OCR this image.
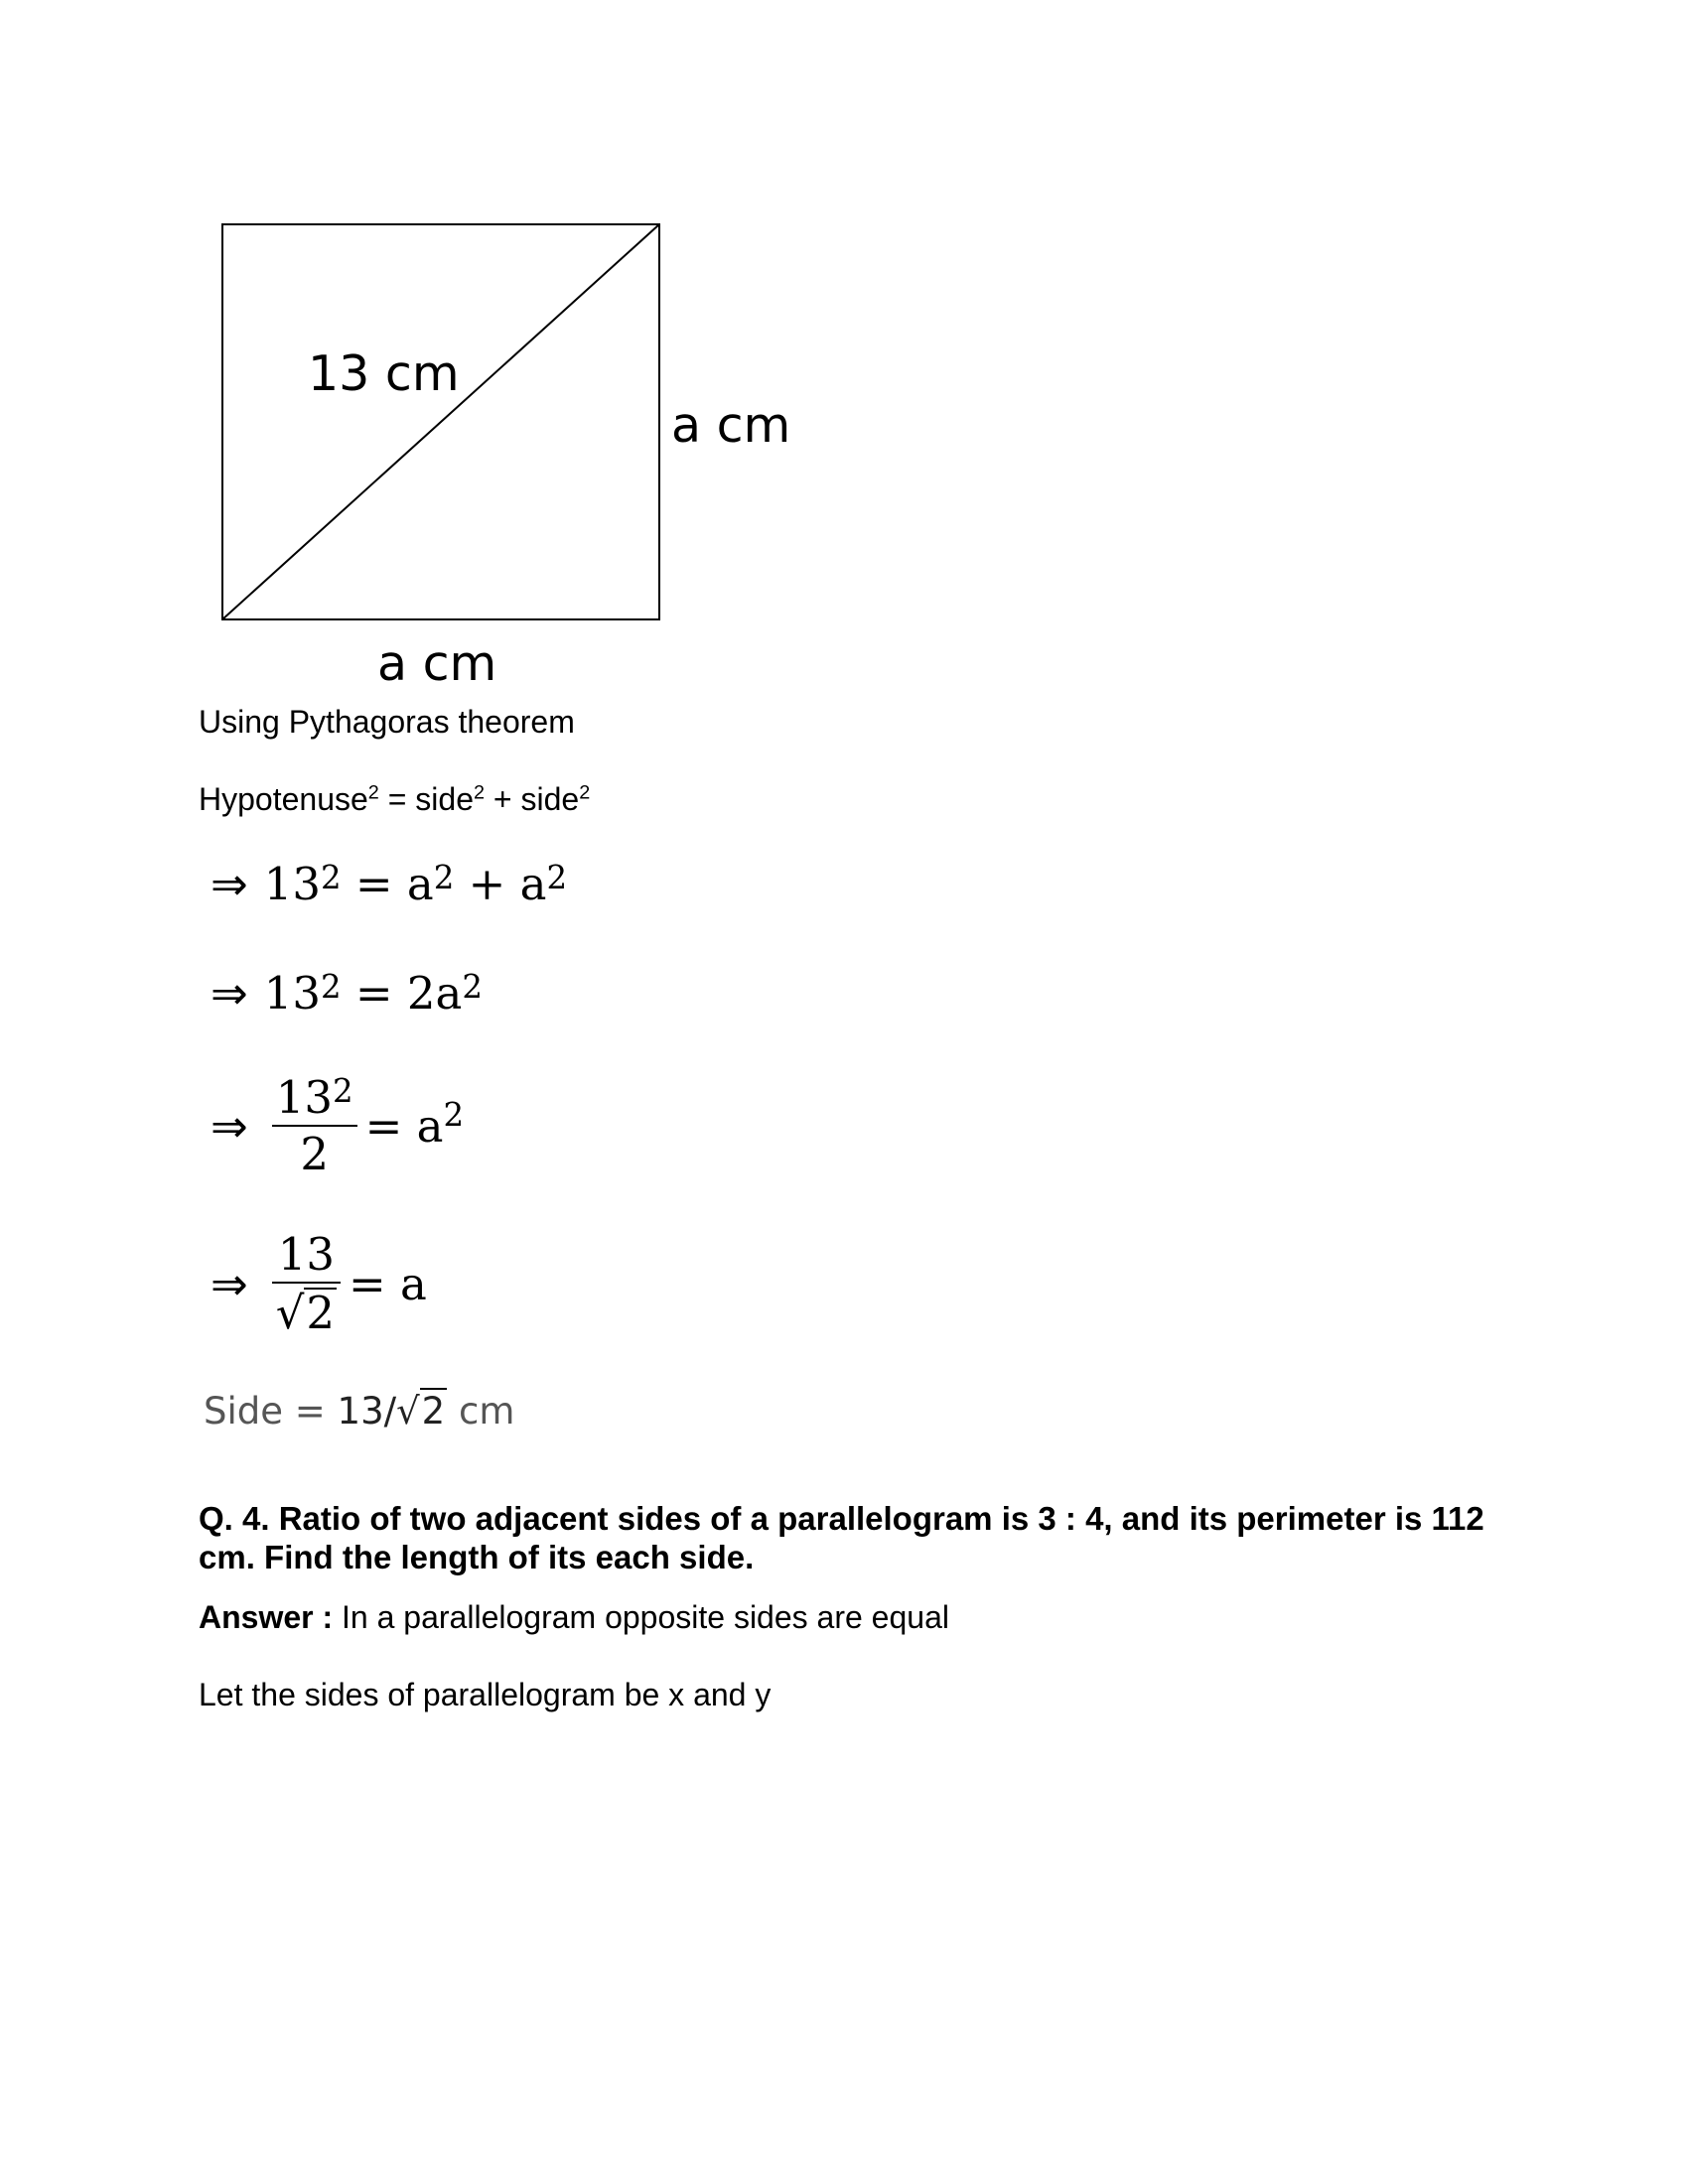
13 cm
a cm
a cm
Using Pythagoras theorem
Hypotenuse$^2$ = side$^2$ + side$^2$
⇒ $13^2 = a^2 + a^2$
⇒ $13^2 = 2a^2$
⇒ $\frac{13^2}{2} = a^2$
⇒ $\frac{13}{√ 2} = a$
Side = 13/ √ 2 cm
Q. 4. Ratio of two adjacent sides of a parallelogram is 3 : 4, and its perimeter is 112 cm. Find the length of its each side.
Answer : In a parallelogram opposite sides are equal
Let the sides of parallelogram be x and y
